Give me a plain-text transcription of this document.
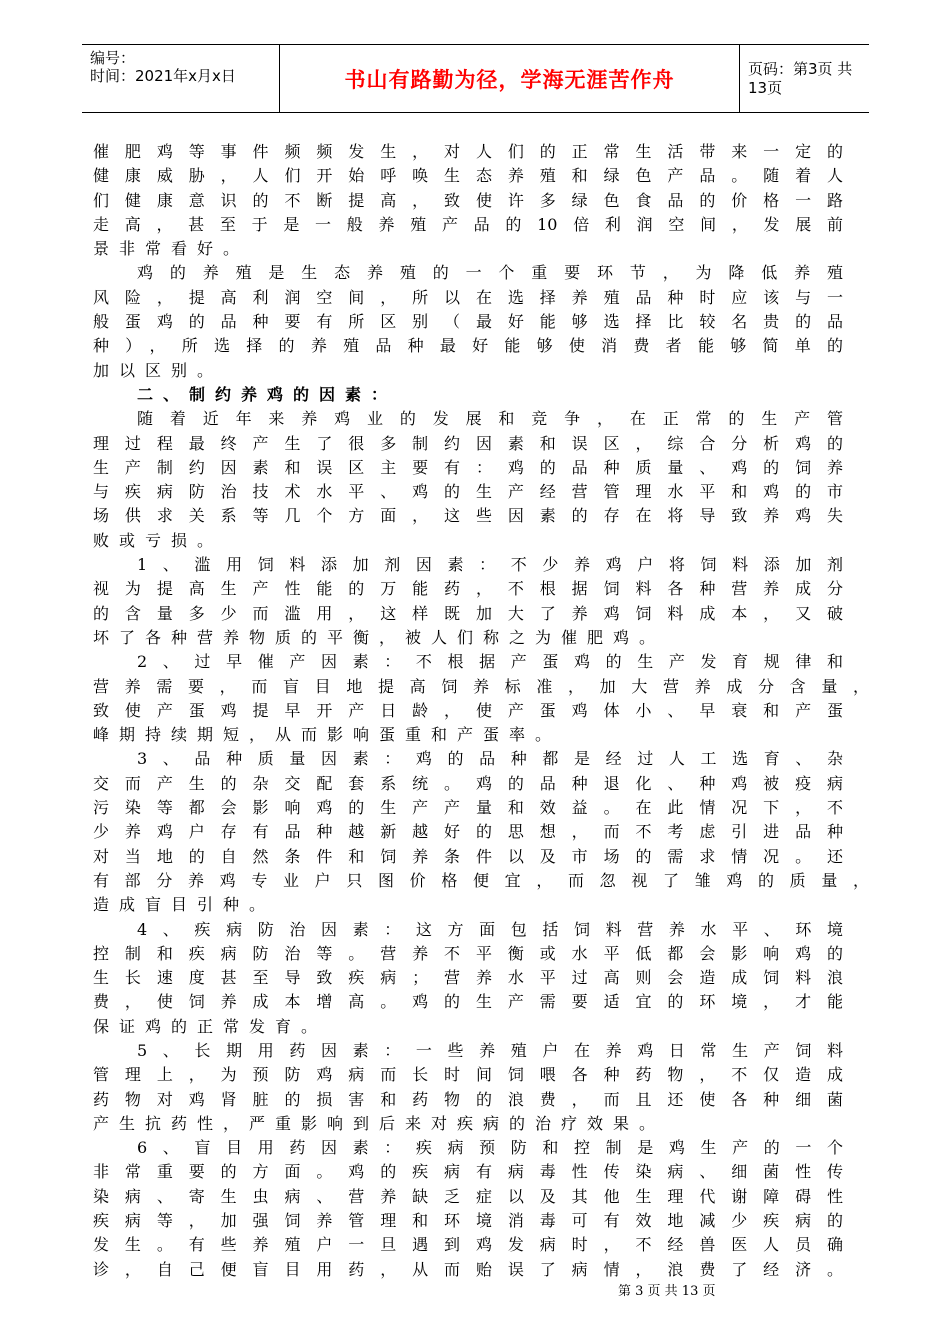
编号：
时间：2021年x月x日	书山有路勤为径，学海无涯苦作舟	页码：第3页 共13页
催肥鸡等事件频频发生，对人们的正常生活带来一定的
健康威胁，人们开始呼唤生态养殖和绿色产品。随着人
们健康意识的不断提高，致使许多绿色食品的价格一路
走高，甚至于是一般养殖产品的10倍利润空间，发展前
景非常看好。
鸡的养殖是生态养殖的一个重要环节，为降低养殖
风险，提高利润空间，所以在选择养殖品种时应该与一
般蛋鸡的品种要有所区别（最好能够选择比较名贵的品
种），所选择的养殖品种最好能够使消费者能够简单的
加以区别。
二、制约养鸡的因素：
随着近年来养鸡业的发展和竞争，在正常的生产管
理过程最终产生了很多制约因素和误区，综合分析鸡的
生产制约因素和误区主要有：鸡的品种质量、鸡的饲养
与疾病防治技术水平、鸡的生产经营管理水平和鸡的市
场供求关系等几个方面，这些因素的存在将导致养鸡失
败或亏损。
1、滥用饲料添加剂因素：不少养鸡户将饲料添加剂
视为提高生产性能的万能药，不根据饲料各种营养成分
的含量多少而滥用，这样既加大了养鸡饲料成本，又破
坏了各种营养物质的平衡，被人们称之为催肥鸡。
2、过早催产因素：不根据产蛋鸡的生产发育规律和
营养需要，而盲目地提高饲养标准，加大营养成分含量，
致使产蛋鸡提早开产日龄，使产蛋鸡体小、早衰和产蛋
峰期持续期短，从而影响蛋重和产蛋率。
3、品种质量因素：鸡的品种都是经过人工选育、杂
交而产生的杂交配套系统。鸡的品种退化、种鸡被疫病
污染等都会影响鸡的生产产量和效益。在此情况下，不
少养鸡户存有品种越新越好的思想，而不考虑引进品种
对当地的自然条件和饲养条件以及市场的需求情况。还
有部分养鸡专业户只图价格便宜，而忽视了雏鸡的质量，
造成盲目引种。
4、疾病防治因素：这方面包括饲料营养水平、环境
控制和疾病防治等。营养不平衡或水平低都会影响鸡的
生长速度甚至导致疾病；营养水平过高则会造成饲料浪
费，使饲养成本增高。鸡的生产需要适宜的环境，才能
保证鸡的正常发育。
5、长期用药因素：一些养殖户在养鸡日常生产饲料
管理上，为预防鸡病而长时间饲喂各种药物，不仅造成
药物对鸡肾脏的损害和药物的浪费，而且还使各种细菌
产生抗药性，严重影响到后来对疾病的治疗效果。
6、盲目用药因素：疾病预防和控制是鸡生产的一个
非常重要的方面。鸡的疾病有病毒性传染病、细菌性传
染病、寄生虫病、营养缺乏症以及其他生理代谢障碍性
疾病等，加强饲养管理和环境消毒可有效地减少疾病的
发生。有些养殖户一旦遇到鸡发病时，不经兽医人员确
诊，自己便盲目用药，从而贻误了病情，浪费了经济。
第 3 页 共 13 页
